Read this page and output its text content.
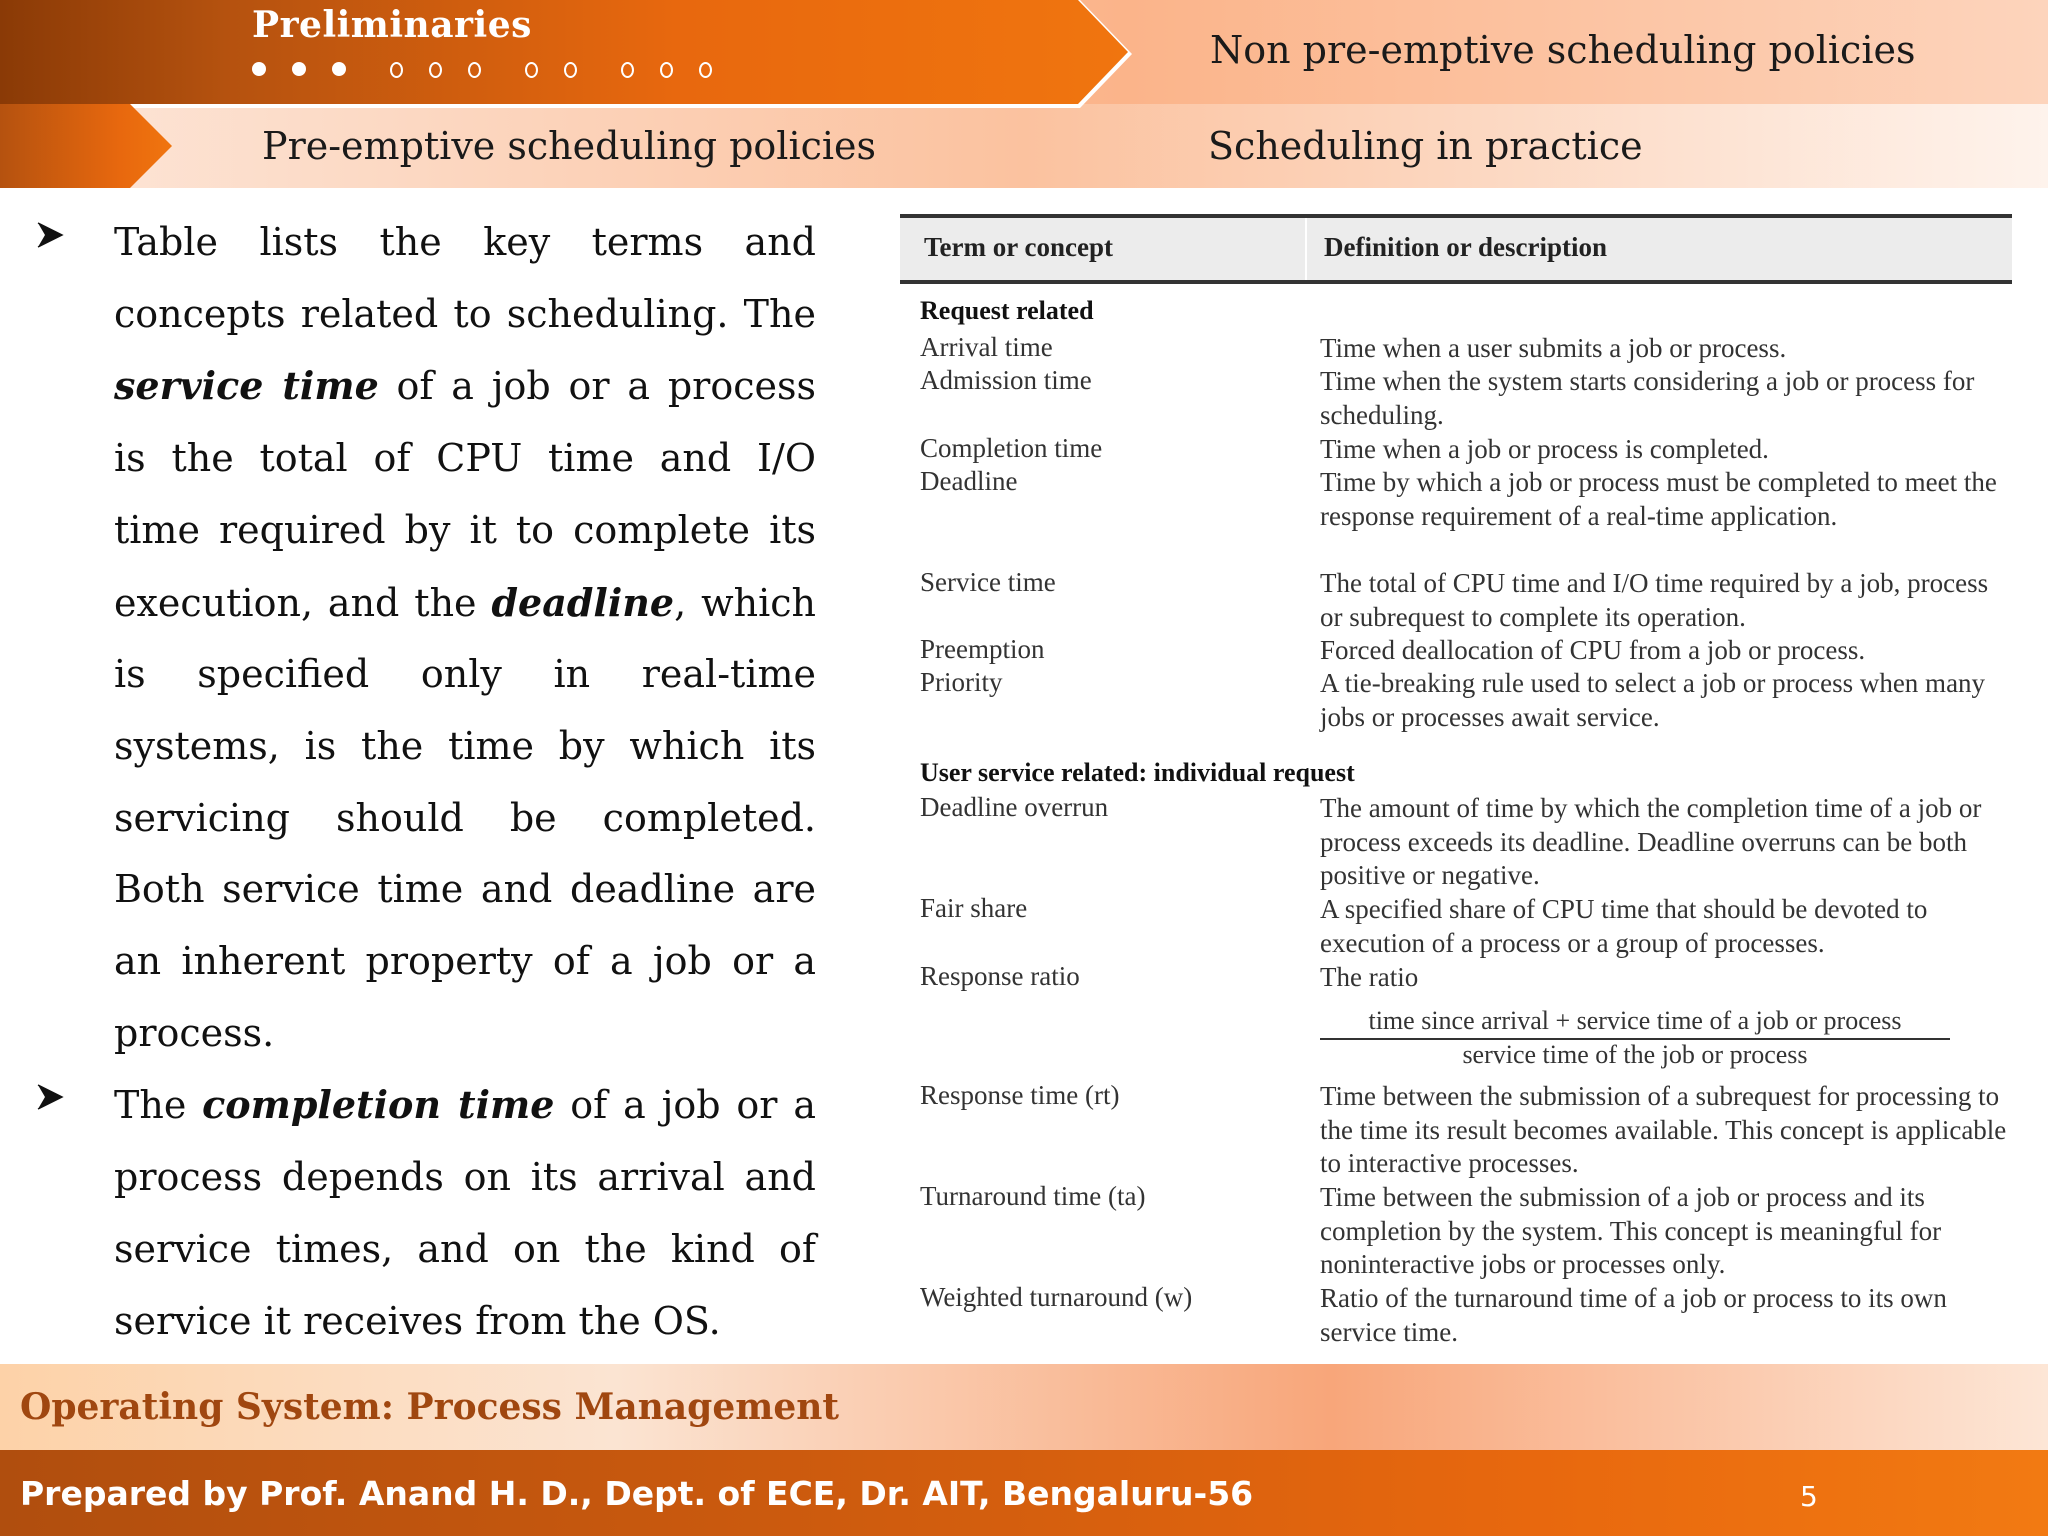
Preliminaries
Non pre-emptive scheduling policies
Pre-emptive scheduling policies	Scheduling in practice

Table lists the key terms and concepts related to scheduling. The service time of a job or a process is the total of CPU time and I/O time required by it to complete its execution, and the deadline, which is specified only in real-time systems, is the time by which its servicing should be completed. Both service time and deadline are an inherent property of a job or a process.

The completion time of a job or a process depends on its arrival and service times, and on the kind of service it receives from the OS.

Term or concept	Definition or description
Request related
Arrival time	Time when a user submits a job or process.
Admission time	Time when the system starts considering a job or process for scheduling.
Completion time	Time when a job or process is completed.
Deadline	Time by which a job or process must be completed to meet the response requirement of a real-time application.
Service time	The total of CPU time and I/O time required by a job, process or subrequest to complete its operation.
Preemption	Forced deallocation of CPU from a job or process.
Priority	A tie-breaking rule used to select a job or process when many jobs or processes await service.
User service related: individual request
Deadline overrun	The amount of time by which the completion time of a job or process exceeds its deadline. Deadline overruns can be both positive or negative.
Fair share	A specified share of CPU time that should be devoted to execution of a process or a group of processes.
Response ratio	The ratio
time since arrival + service time of a job or process
service time of the job or process
Response time (rt)	Time between the submission of a subrequest for processing to the time its result becomes available. This concept is applicable to interactive processes.
Turnaround time (ta)	Time between the submission of a job or process and its completion by the system. This concept is meaningful for noninteractive jobs or processes only.
Weighted turnaround (w)	Ratio of the turnaround time of a job or process to its own service time.
Operating System: Process Management
Prepared by Prof. Anand H. D., Dept. of ECE, Dr. AIT, Bengaluru-56	5
